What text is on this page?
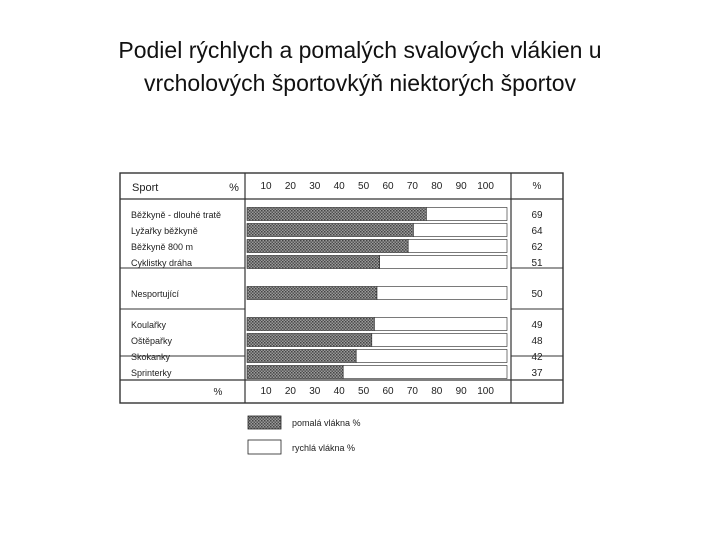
Podiel rýchlych a pomalých svalových vlákien u
vrcholových športovkýň niektorých športov
Sport	%	%
%
Běžkyně - dlouhé tratě	69
Lyžařky běžkyně	64
Běžkyně 800 m	62
Cyklistky dráha	51
Nesportující	50
Koulařky	49
Oštěpařky	48
Skokanky	42
Sprinterky	37
10
10
20
20
30
30
40
40
50
50
60
60
70
70
80
80
90
90
100
100
pomalá vlákna %
rychlá vlákna %
